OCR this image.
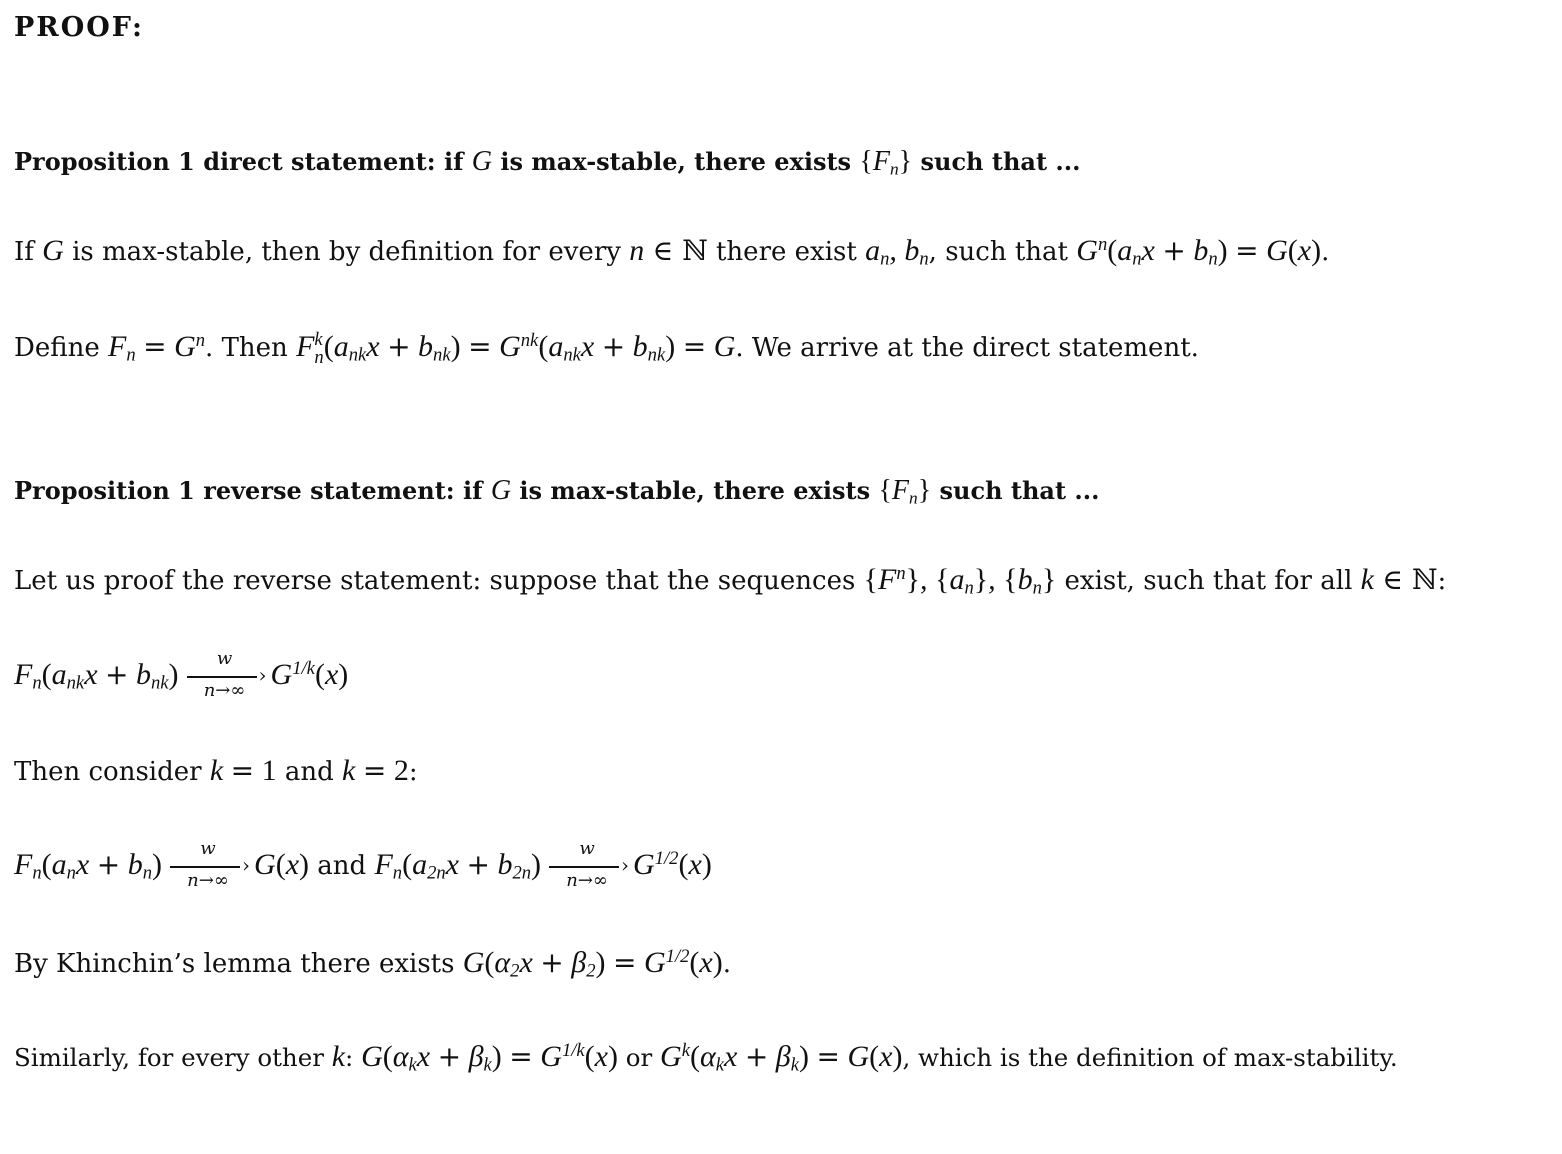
PROOF:
Proposition 1 direct statement: if G is max-stable, there exists $\{F_n\}$ such that ...
If G is max-stable, then by definition for every n ∈ ℕ there exist $a_n$, $b_n$, such that $G^n(a_nx + b_n) = G(x)$.
Define $F_n = G^n$. Then F k
n $(a_{nk}x + b_{nk}) = G^{nk}(a_{nk}x + b_{nk}) = G$. We arrive at the direct statement.
Proposition 1 reverse statement: if G is max-stable, there exists $\{F_n\}$ such that ...
Let us proof the reverse statement: suppose that the sequences $\{F^n\}$, $\{a_n\}$, $\{b_n\}$ exist, such that for all k ∈ ℕ:
$F_n(a_{nk}x + b_{nk})$	w
›
n→∞ $G^{1/k}(x)$
Then consider k = 1 and k = 2:
$F_n(a_nx + b_n)$	w
›
n→∞ G(x) and $F_n(a_{2n}x + b_{2n})$	w
›
n→∞ $G^{1/2}(x)$
By Khinchin’s lemma there exists $G(\alpha_2x + \beta_2) = G^{1/2}(x)$.
Similarly, for every other k: $G(\alpha_kx + \beta_k) = G^{1/k}(x)$ or $G^k(\alpha_kx + \beta_k) = G(x)$, which is the definition of max-stability.
